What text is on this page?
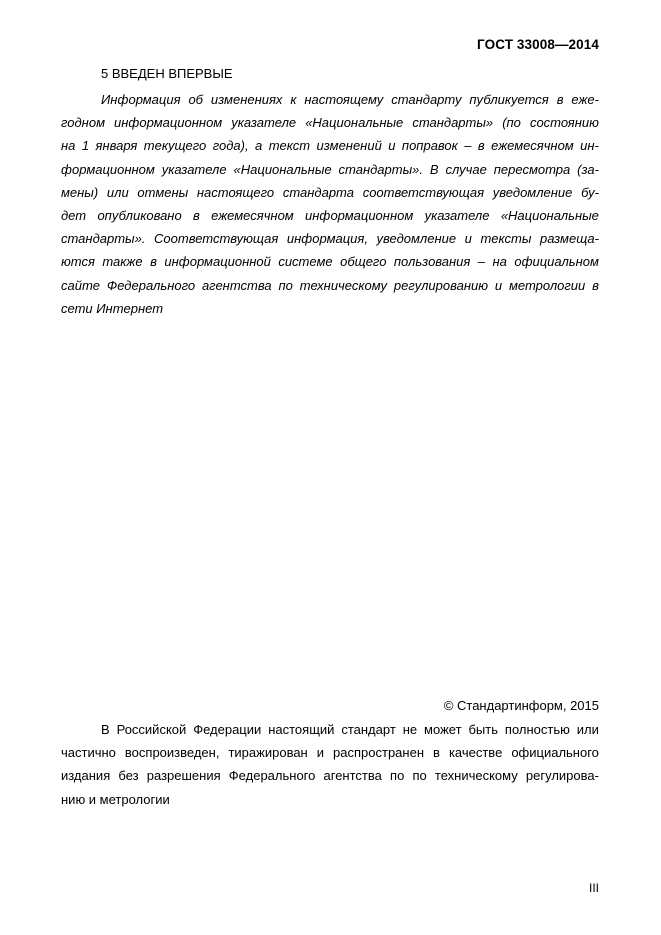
ГОСТ 33008—2014
5 ВВЕДЕН ВПЕРВЫЕ
Информация об изменениях к настоящему стандарту публикуется в еже-
годном информационном указателе «Национальные стандарты» (по состоянию
на 1 января текущего года), а текст изменений и поправок – в ежемесячном ин-
формационном указателе «Национальные стандарты». В случае пересмотра (за-
мены) или отмены настоящего стандарта соответствующая уведомление бу-
дет опубликовано в ежемесячном информационном указателе «Национальные
стандарты». Соответствующая информация, уведомление и тексты размеща-
ются также в информационной системе общего пользования – на официальном
сайте Федерального агентства по техническому регулированию и метрологии в
сети Интернет
© Стандартинформ, 2015
В Российской Федерации настоящий стандарт не может быть полностью или
частично воспроизведен, тиражирован и распространен в качестве официального
издания без разрешения Федерального агентства по по техническому регулирова-
нию и метрологии
III
